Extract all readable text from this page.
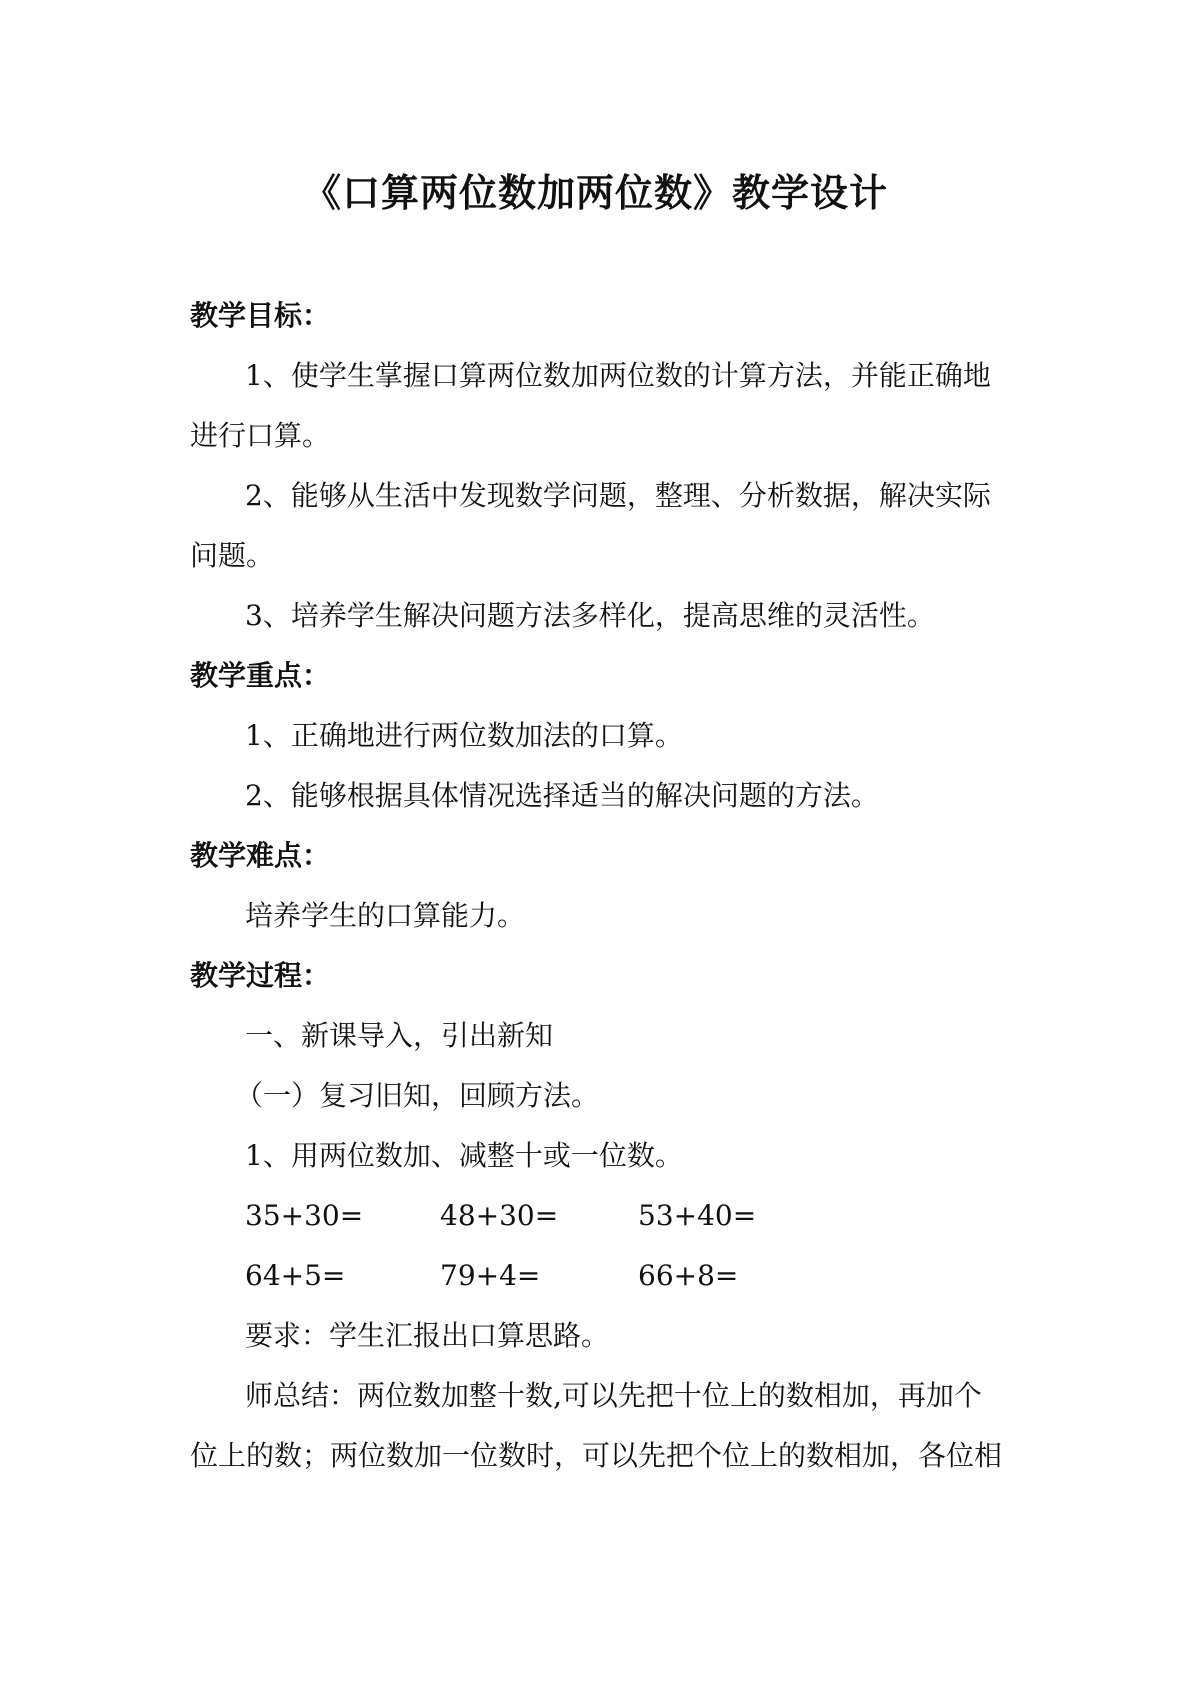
《口算两位数加两位数》教学设计
教学目标：
1、使学生掌握口算两位数加两位数的计算方法，并能正确地
进行口算。
2、能够从生活中发现数学问题，整理、分析数据，解决实际
问题。
3、培养学生解决问题方法多样化，提高思维的灵活性。
教学重点：
1、正确地进行两位数加法的口算。
2、能够根据具体情况选择适当的解决问题的方法。
教学难点：
培养学生的口算能力。
教学过程：
一、新课导入，引出新知
（一）复习旧知，回顾方法。
1、用两位数加、减整十或一位数。
35+30=	48+30=	53+40=
64+5=	79+4=	66+8=
要求：学生汇报出口算思路。
师总结：两位数加整十数,可以先把十位上的数相加，再加个
位上的数；两位数加一位数时，可以先把个位上的数相加，各位相
